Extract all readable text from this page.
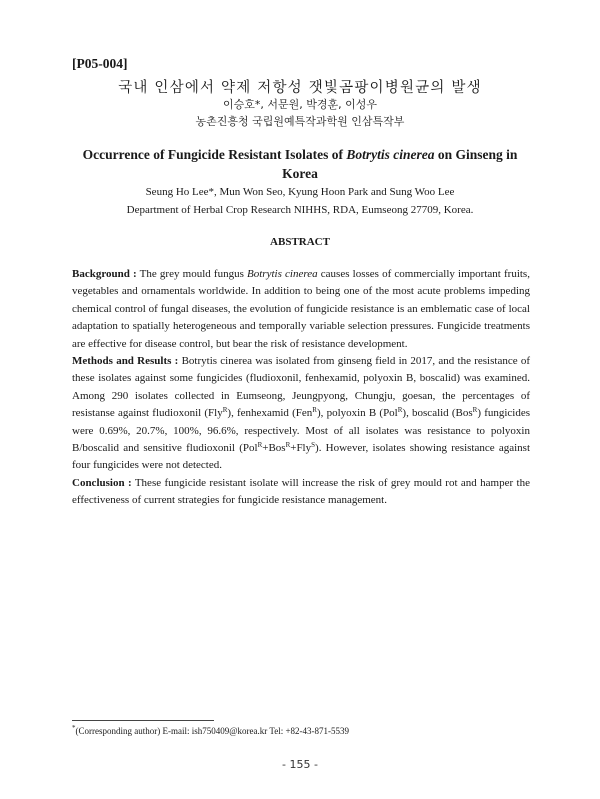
[P05-004]
국내 인삼에서 약제 저항성 잿빛곰팡이병원균의 발생
이승호*, 서문원, 박경훈, 이성우
농촌진흥청 국립원예특작과학원 인삼특작부
Occurrence of Fungicide Resistant Isolates of Botrytis cinerea on Ginseng in Korea
Seung Ho Lee*, Mun Won Seo, Kyung Hoon Park and Sung Woo Lee
Department of Herbal Crop Research NIHHS, RDA, Eumseong 27709, Korea.
ABSTRACT

Background : The grey mould fungus Botrytis cinerea causes losses of commercially important fruits, vegetables and ornamentals worldwide. In addition to being one of the most acute problems impeding chemical control of fungal diseases, the evolution of fungicide resistance is an emblematic case of local adaptation to spatially heterogeneous and temporally variable selection pressures. Fungicide treatments are effective for disease control, but bear the risk of resistance development.

Methods and Results : Botrytis cinerea was isolated from ginseng field in 2017, and the resistance of these isolates against some fungicides (fludioxonil, fenhexamid, polyoxin B, boscalid) was examined. Among 290 isolates collected in Eumseong, Jeungpyong, Chungju, goesan, the percentages of resistanse against fludioxonil (Fly$^R$), fenhexamid (Fen$^R$), polyoxin B (Pol$^R$), boscalid (Bos$^R$) fungicides were 0.69%, 20.7%, 100%, 96.6%, respectively. Most of all isolates was resistance to polyoxin B/boscalid and sensitive fludioxonil (Pol$^R$+Bos$^R$+Fly$^S$). However, isolates showing resistance against four fungicides were not detected.

Conclusion : These fungicide resistant isolate will increase the risk of grey mould rot and hamper the effectiveness of current strategies for fungicide resistance management.

*(Corresponding author) E-mail: ish750409@korea.kr Tel: +82-43-871-5539
- 155 -
